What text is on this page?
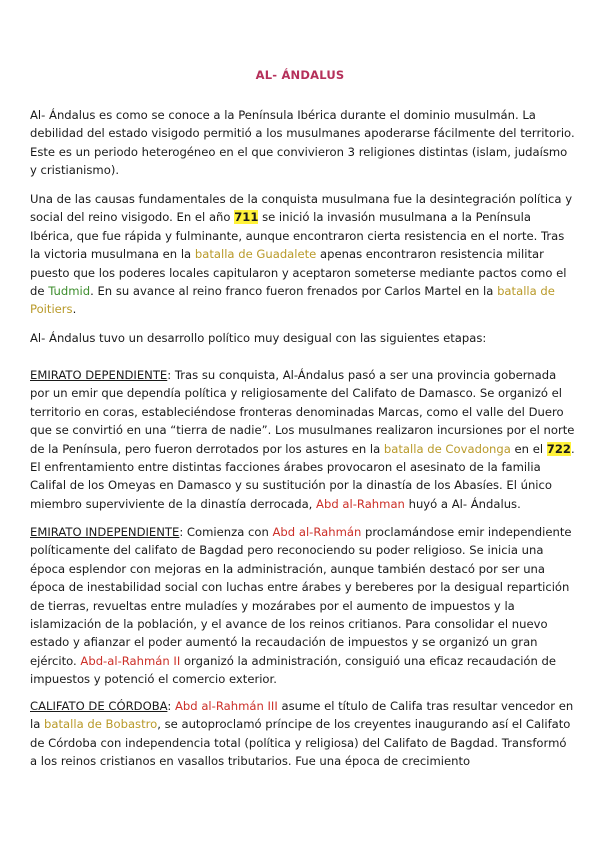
AL- ÁNDALUS

Al- Ándalus es como se conoce a la Península Ibérica durante el dominio musulmán. La debilidad del estado visigodo permitió a los musulmanes apoderarse fácilmente del territorio. Este es un periodo heterogéneo en el que convivieron 3 religiones distintas (islam, judaísmo y cristianismo).

Una de las causas fundamentales de la conquista musulmana fue la desintegración política y social del reino visigodo. En el año 711 se inició la invasión musulmana a la Península Ibérica, que fue rápida y fulminante, aunque encontraron cierta resistencia en el norte. Tras la victoria musulmana en la batalla de Guadalete apenas encontraron resistencia militar puesto que los poderes locales capitularon y aceptaron someterse mediante pactos como el de Tudmid. En su avance al reino franco fueron frenados por Carlos Martel en la batalla de Poitiers.

Al- Ándalus tuvo un desarrollo político muy desigual con las siguientes etapas:

EMIRATO DEPENDIENTE: Tras su conquista, Al-Ándalus pasó a ser una provincia gobernada por un emir que dependía política y religiosamente del Califato de Damasco. Se organizó el territorio en coras, estableciéndose fronteras denominadas Marcas, como el valle del Duero que se convirtió en una “tierra de nadie”. Los musulmanes realizaron incursiones por el norte de la Península, pero fueron derrotados por los astures en la batalla de Covadonga en el 722. El enfrentamiento entre distintas facciones árabes provocaron el asesinato de la familia Califal de los Omeyas en Damasco y su sustitución por la dinastía de los Abasíes. El único miembro superviviente de la dinastía derrocada, Abd al-Rahman huyó a Al- Ándalus.

EMIRATO INDEPENDIENTE: Comienza con Abd al-Rahmán proclamándose emir independiente políticamente del califato de Bagdad pero reconociendo su poder religioso. Se inicia una época esplendor con mejoras en la administración, aunque también destacó por ser una época de inestabilidad social con luchas entre árabes y bereberes por la desigual repartición de tierras, revueltas entre muladíes y mozárabes por el aumento de impuestos y la islamización de la población, y el avance de los reinos critianos. Para consolidar el nuevo estado y afianzar el poder aumentó la recaudación de impuestos y se organizó un gran ejército. Abd-al-Rahmán II organizó la administración, consiguió una eficaz recaudación de impuestos y potenció el comercio exterior.

CALIFATO DE CÓRDOBA: Abd al-Rahmán III asume el título de Califa tras resultar vencedor en la batalla de Bobastro, se autoproclamó príncipe de los creyentes inaugurando así el Califato de Córdoba con independencia total (política y religiosa) del Califato de Bagdad. Transformó a los reinos cristianos en vasallos tributarios. Fue una época de crecimiento
